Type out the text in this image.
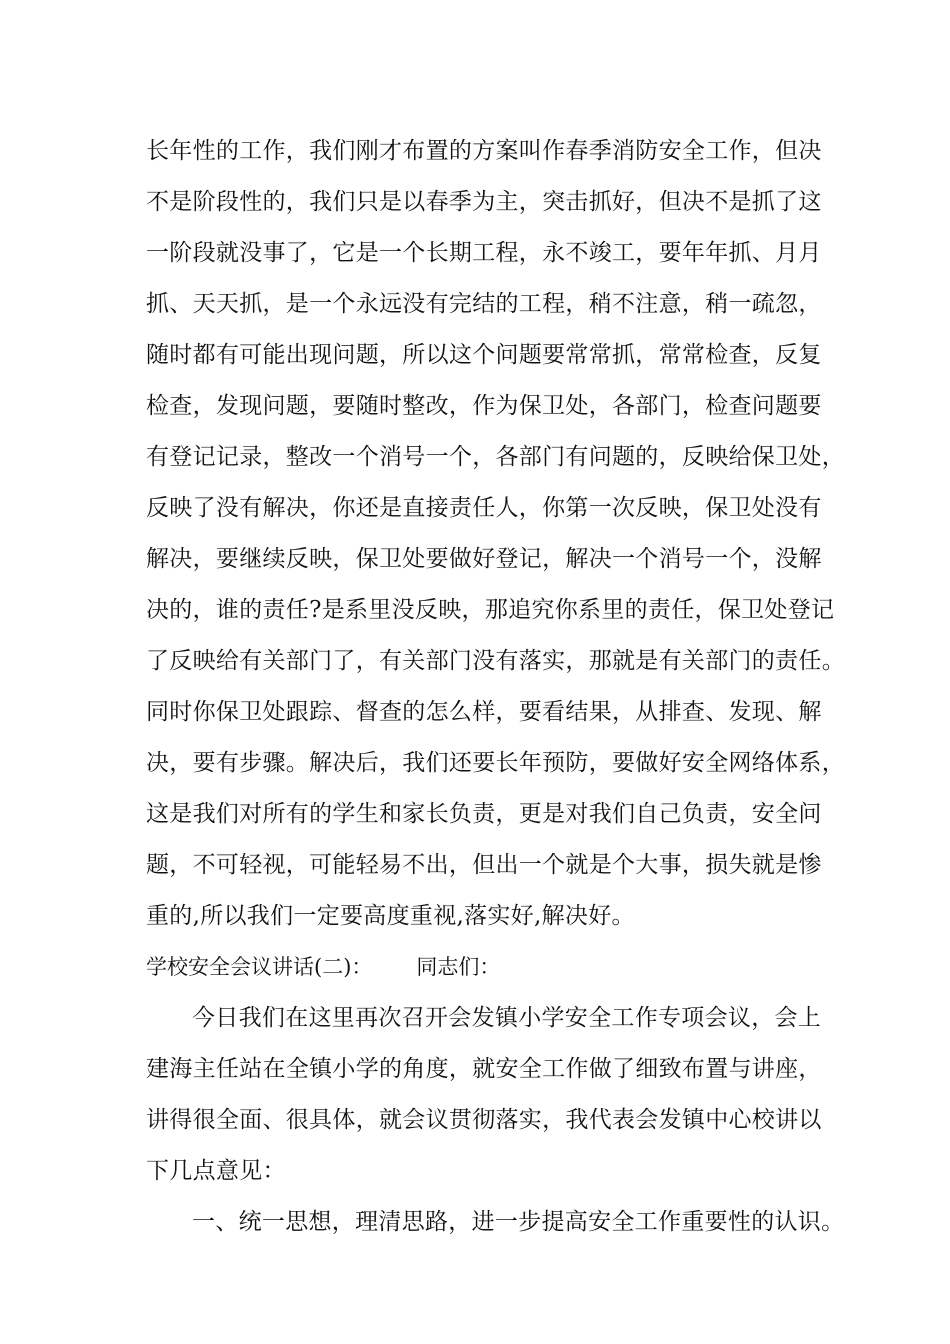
长年性的工作，我们刚才布置的方案叫作春季消防安全工作，但决
不是阶段性的，我们只是以春季为主，突击抓好，但决不是抓了这
一阶段就没事了，它是一个长期工程，永不竣工，要年年抓、月月
抓、天天抓，是一个永远没有完结的工程，稍不注意，稍一疏忽，
随时都有可能出现问题，所以这个问题要常常抓，常常检查，反复
检查，发现问题，要随时整改，作为保卫处，各部门，检查问题要
有登记记录，整改一个消号一个，各部门有问题的，反映给保卫处，
反映了没有解决，你还是直接责任人，你第一次反映，保卫处没有
解决，要继续反映，保卫处要做好登记，解决一个消号一个，没解
决的，谁的责任?是系里没反映，那追究你系里的责任，保卫处登记
了反映给有关部门了，有关部门没有落实，那就是有关部门的责任。
同时你保卫处跟踪、督查的怎么样，要看结果，从排查、发现、解
决，要有步骤。解决后，我们还要长年预防，要做好安全网络体系，
这是我们对所有的学生和家长负责，更是对我们自己负责，安全问
题，不可轻视，可能轻易不出，但出一个就是个大事，损失就是惨
重的,所以我们一定要高度重视,落实好,解决好。
学校安全会议讲话(二)： 同志们：
今日我们在这里再次召开会发镇小学安全工作专项会议，会上
建海主任站在全镇小学的角度，就安全工作做了细致布置与讲座，
讲得很全面、很具体，就会议贯彻落实，我代表会发镇中心校讲以
下几点意见：
一、统一思想，理清思路，进一步提高安全工作重要性的认识。
